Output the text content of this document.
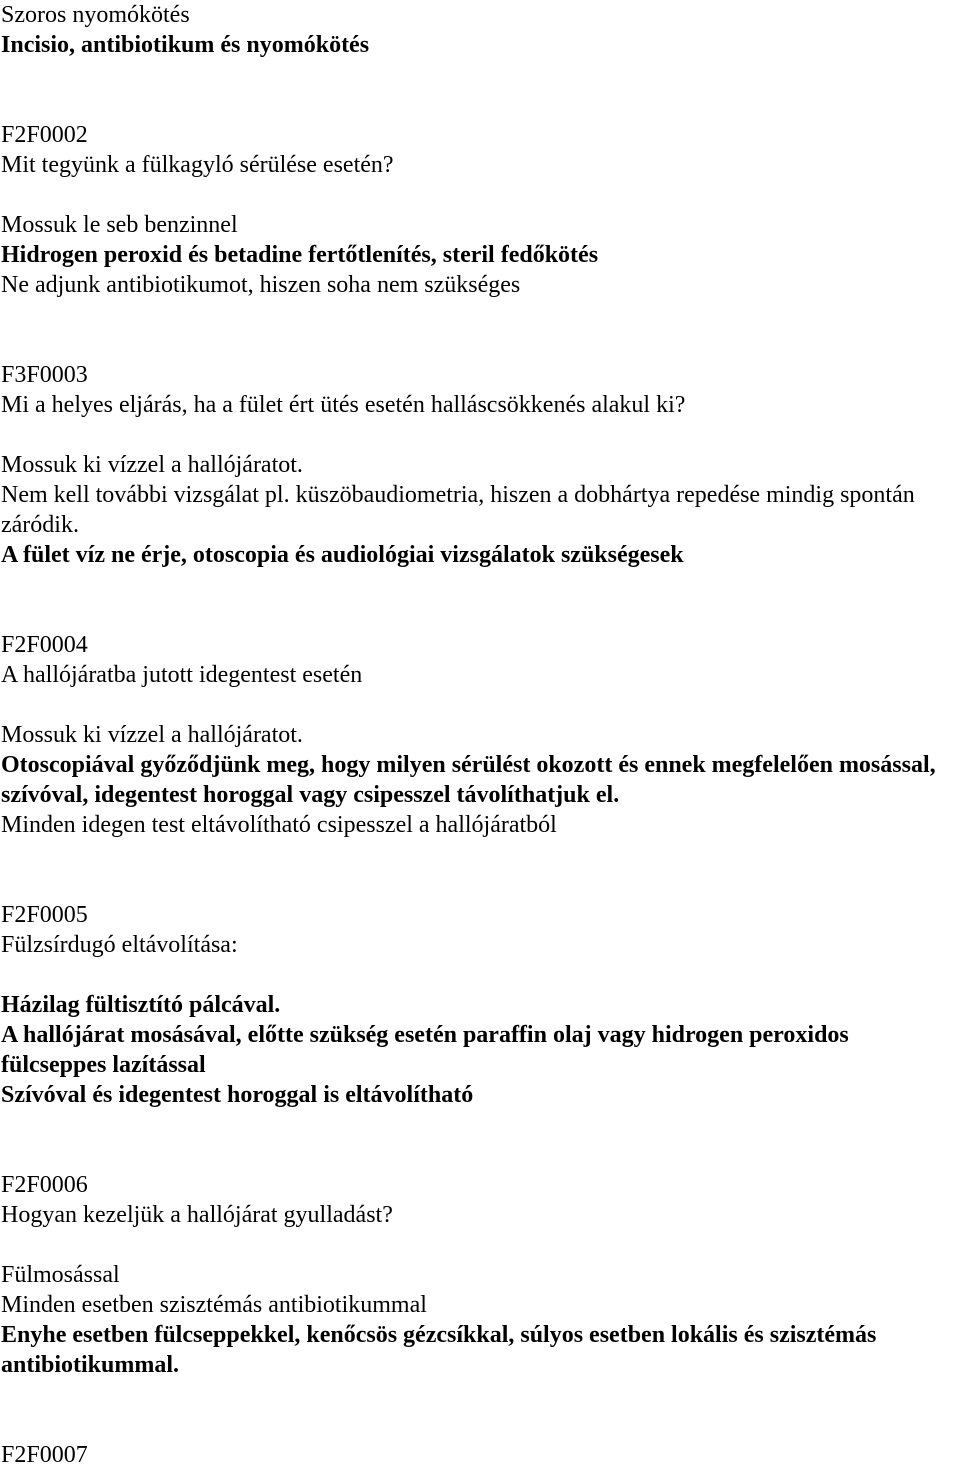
Szoros nyomókötés

Incisio, antibiotikum és nyomókötés

F2F0002

Mit tegyünk a fülkagyló sérülése esetén?

Mossuk le seb benzinnel

Hidrogen peroxid és betadine fertőtlenítés, steril fedőkötés

Ne adjunk antibiotikumot, hiszen soha nem szükséges

F3F0003

Mi a helyes eljárás, ha a fület ért ütés esetén halláscsökkenés alakul ki?

Mossuk ki vízzel a hallójáratot.

Nem kell további vizsgálat pl. küszöbaudiometria, hiszen a dobhártya repedése mindig spontán záródik.

A fület víz ne érje, otoscopia és audiológiai vizsgálatok szükségesek

F2F0004

A hallójáratba jutott idegentest esetén

Mossuk ki vízzel a hallójáratot.

Otoscopiával győződjünk meg, hogy milyen sérülést okozott és ennek megfelelően mosással, szívóval, idegentest horoggal vagy csipesszel távolíthatjuk el.

Minden idegen test eltávolítható csipesszel a hallójáratból

F2F0005

Fülzsírdugó eltávolítása:

Házilag fültisztító pálcával.

A hallójárat mosásával, előtte szükség esetén paraffin olaj vagy hidrogen peroxidos fülcseppes lazítással

Szívóval és idegentest horoggal is eltávolítható

F2F0006

Hogyan kezeljük a hallójárat gyulladást?

Fülmosással

Minden esetben szisztémás antibiotikummal

Enyhe esetben fülcseppekkel, kenőcsös gézcsíkkal, súlyos esetben lokális és szisztémás antibiotikummal.

F2F0007
